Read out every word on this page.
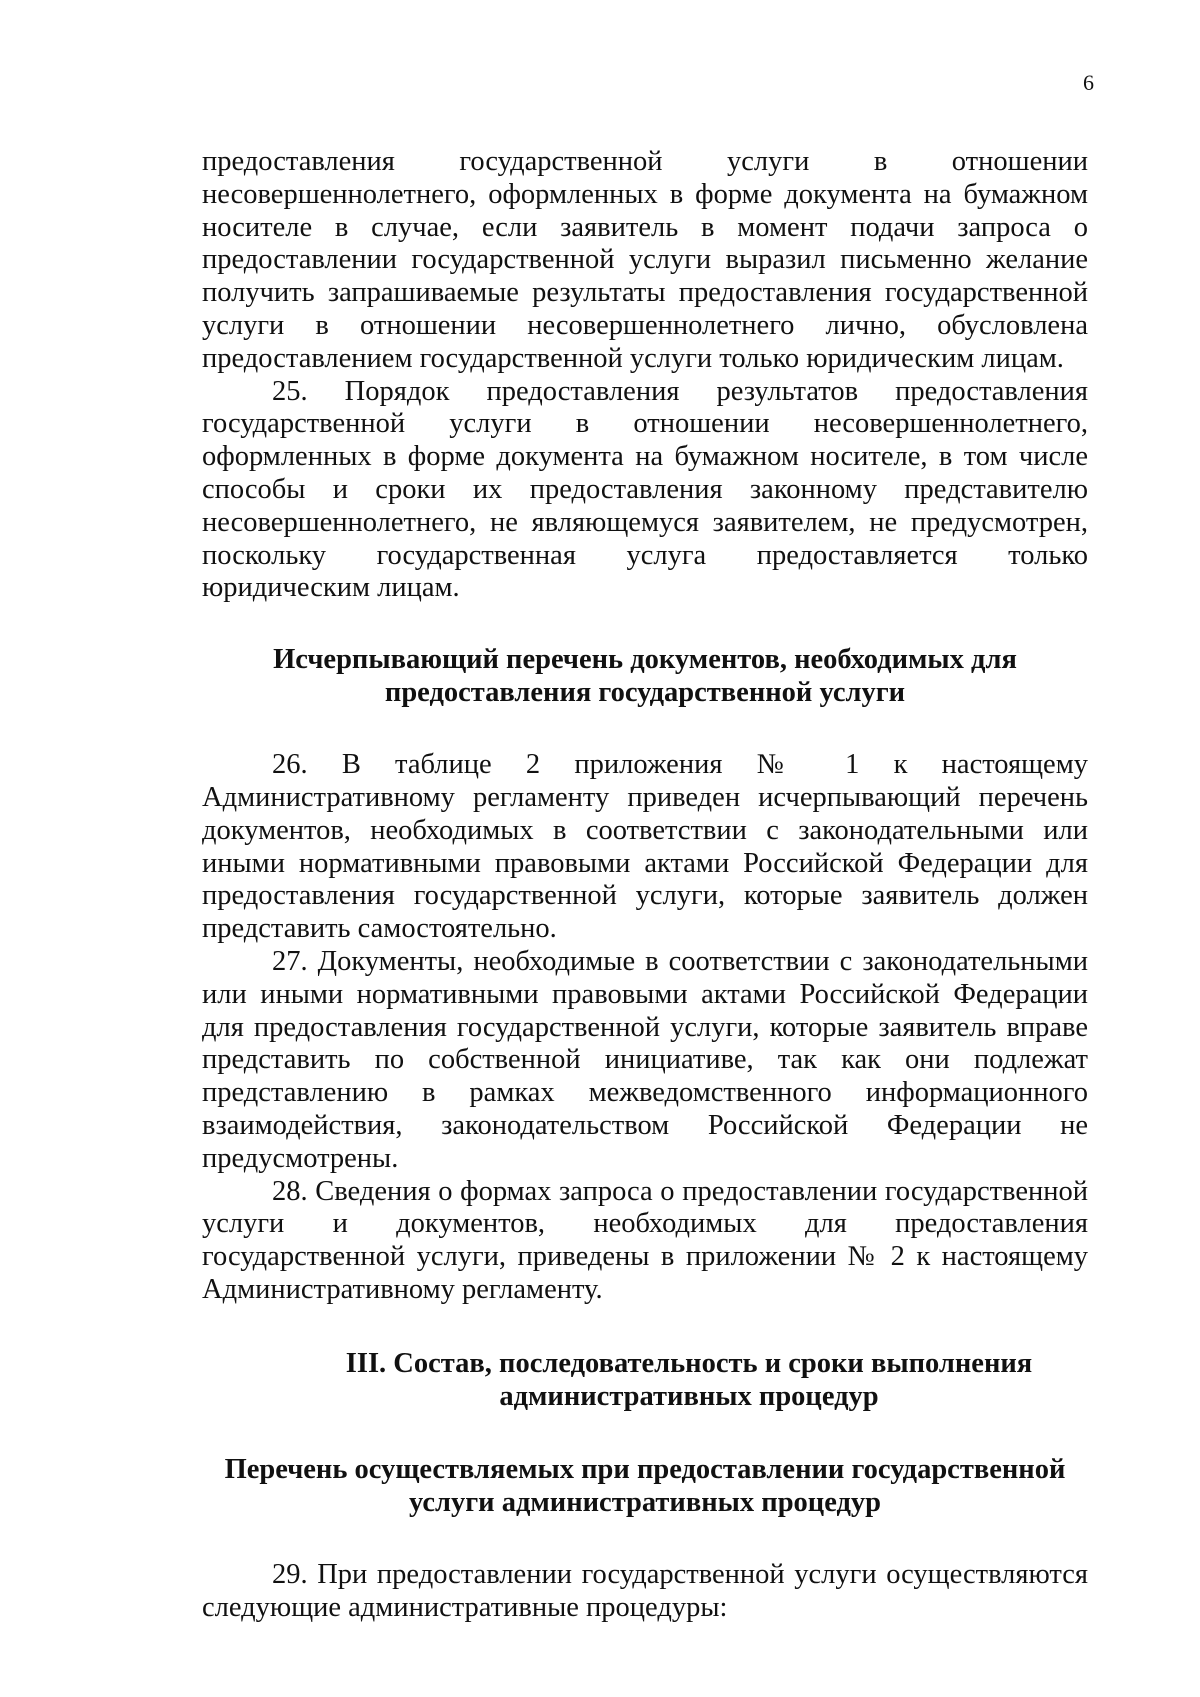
6

предоставления государственной услуги в отношении несовершеннолетнего, оформленных в форме документа на бумажном носителе в случае, если заявитель в момент подачи запроса о предоставлении государственной услуги выразил письменно желание получить запрашиваемые результаты предоставления государственной услуги в отношении несовершеннолетнего лично, обусловлена предоставлением государственной услуги только юридическим лицам.

25. Порядок предоставления результатов предоставления государственной услуги в отношении несовершеннолетнего, оформленных в форме документа на бумажном носителе, в том числе способы и сроки их предоставления законному представителю несовершеннолетнего, не являющемуся заявителем, не предусмотрен, поскольку государственная услуга предоставляется только юридическим лицам.

Исчерпывающий перечень документов, необходимых для
предоставления государственной услуги

26. В таблице 2 приложения № 1 к настоящему Административному регламенту приведен исчерпывающий перечень документов, необходимых в соответствии с законодательными или иными нормативными правовыми актами Российской Федерации для предоставления государственной услуги, которые заявитель должен представить самостоятельно.

27. Документы, необходимые в соответствии с законодательными или иными нормативными правовыми актами Российской Федерации для предоставления государственной услуги, которые заявитель вправе представить по собственной инициативе, так как они подлежат представлению в рамках межведомственного информационного взаимодействия, законодательством Российской Федерации не предусмотрены.

28. Сведения о формах запроса о предоставлении государственной услуги и документов, необходимых для предоставления государственной услуги, приведены в приложении № 2 к настоящему Административному регламенту.

III. Состав, последовательность и сроки выполнения
административных процедур
Перечень осуществляемых при предоставлении государственной
услуги административных процедур

29. При предоставлении государственной услуги осуществляются следующие административные процедуры:
